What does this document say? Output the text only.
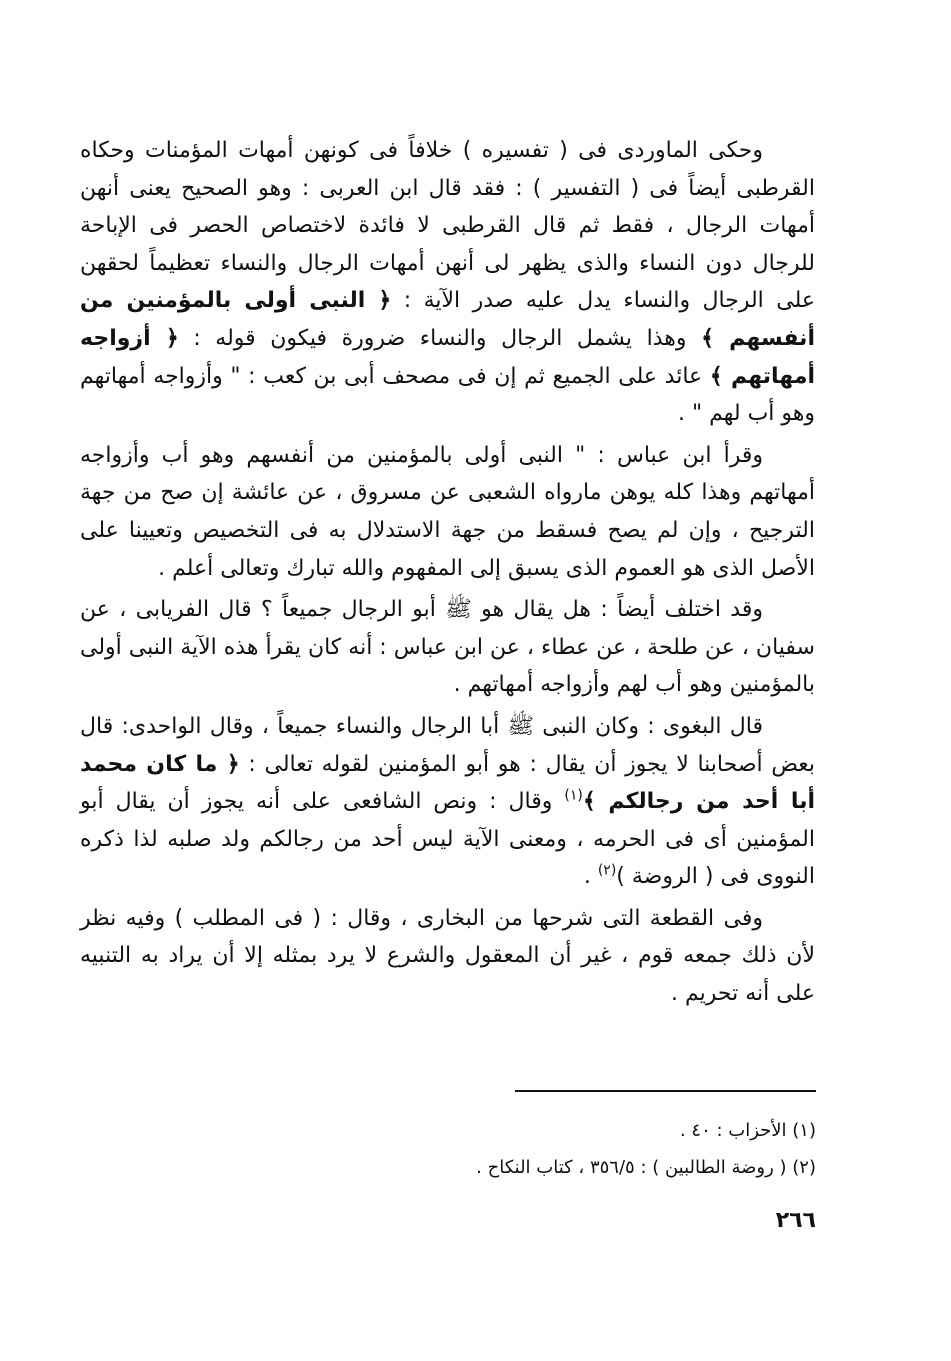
وحكى الماوردى فى ( تفسيره ) خلافاً فى كونهن أمهات المؤمنات وحكاه القرطبى أيضاً فى ( التفسير ) : فقد قال ابن العربى : وهو الصحيح يعنى أنهن أمهات الرجال ، فقط ثم قال القرطبى لا فائدة لاختصاص الحصر فى الإباحة للرجال دون النساء والذى يظهر لى أنهن أمهات الرجال والنساء تعظيماً لحقهن على الرجال والنساء يدل عليه صدر الآية : ﴿ النبى أولى بالمؤمنين من أنفسهم ﴾ وهذا يشمل الرجال والنساء ضرورة فيكون قوله : ﴿ أزواجه أمهاتهم ﴾ عائد على الجميع ثم إن فى مصحف أبى بن كعب : " وأزواجه أمهاتهم وهو أب لهم " .

وقرأ ابن عباس : " النبى أولى بالمؤمنين من أنفسهم وهو أب وأزواجه أمهاتهم وهذا كله يوهن مارواه الشعبى عن مسروق ، عن عائشة إن صح من جهة الترجيح ، وإن لم يصح فسقط من جهة الاستدلال به فى التخصيص وتعيينا على الأصل الذى هو العموم الذى يسبق إلى المفهوم والله تبارك وتعالى أعلم .

وقد اختلف أيضاً : هل يقال هو ﷺ أبو الرجال جميعاً ؟ قال الفريابى ، عن سفيان ، عن طلحة ، عن عطاء ، عن ابن عباس : أنه كان يقرأ هذه الآية النبى أولى بالمؤمنين وهو أب لهم وأزواجه أمهاتهم .

قال البغوى : وكان النبى ﷺ أبا الرجال والنساء جميعاً ، وقال الواحدى: قال بعض أصحابنا لا يجوز أن يقال : هو أبو المؤمنين لقوله تعالى : ﴿ ما كان محمد أبا أحد من رجالكم ﴾$^{(١)}$ وقال : ونص الشافعى على أنه يجوز أن يقال أبو المؤمنين أى فى الحرمه ، ومعنى الآية ليس أحد من رجالكم ولد صلبه لذا ذكره النووى فى ( الروضة )$^{(٢)}$ .

وفى القطعة التى شرحها من البخارى ، وقال : ( فى المطلب ) وفيه نظر لأن ذلك جمعه قوم ، غير أن المعقول والشرع لا يرد بمثله إلا أن يراد به التنبيه على أنه تحريم .

(١) الأحزاب : ٤٠ .

(٢) ( روضة الطالبين ) : ٣٥٦/٥ ، كتاب النكاح .

٢٦٦
